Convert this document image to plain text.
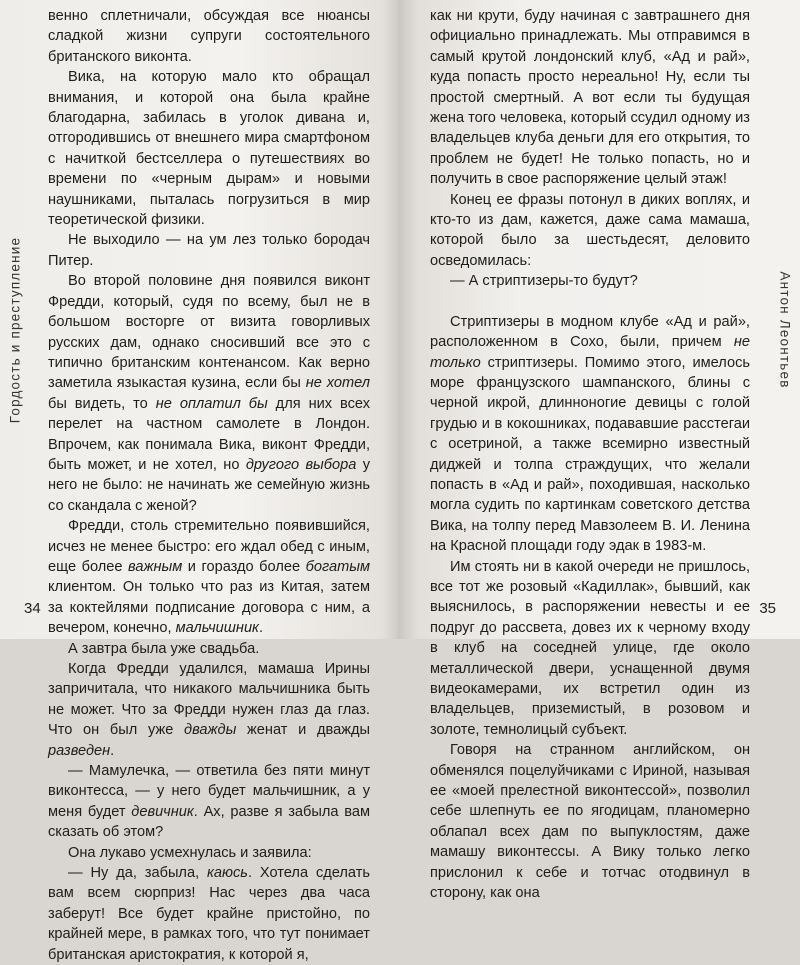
Гордость и преступление

венно сплетничали, обсуждая все нюансы сладкой жизни супруги состоятельного британского виконта.

Вика, на которую мало кто обращал внимания, и которой она была крайне благодарна, забилась в уголок дивана и, отгородившись от внешнего мира смартфоном с начиткой бестселлера о путешествиях во времени по «черным дырам» и новыми наушниками, пыталась погрузиться в мир теоретической физики.

Не выходило — на ум лез только бородач Питер.

Во второй половине дня появился виконт Фредди, который, судя по всему, был не в большом восторге от визита говорливых русских дам, однако сносивший все это с типично британским контенансом. Как верно заметила языкастая кузина, если бы не хотел бы видеть, то не оплатил бы для них всех перелет на частном самолете в Лондон. Впрочем, как понимала Вика, виконт Фредди, быть может, и не хотел, но другого выбора у него не было: не начинать же семейную жизнь со скандала с женой?

Фредди, столь стремительно появившийся, исчез не менее быстро: его ждал обед с иным, еще более важным и гораздо более богатым клиентом. Он только что раз из Китая, затем за коктейлями подписание договора с ним, а вечером, конечно, мальчишник.

А завтра была уже свадьба.

Когда Фредди удалился, мамаша Ирины запричитала, что никакого мальчишника быть не может. Что за Фредди нужен глаз да глаз. Что он был уже дважды женат и дважды разведен.

— Мамулечка, — ответила без пяти минут виконтесса, — у него будет мальчишник, а у меня будет девичник. Ах, разве я забыла вам сказать об этом?

Она лукаво усмехнулась и заявила:

— Ну да, забыла, каюсь. Хотела сделать вам всем сюрприз! Нас через два часа заберут! Все будет крайне пристойно, по крайней мере, в рамках того, что тут понимает британская аристократия, к которой я,

34
Антон Леонтьев

как ни крути, буду начиная с завтрашнего дня официально принадлежать. Мы отправимся в самый крутой лондонский клуб, «Ад и рай», куда попасть просто нереально! Ну, если ты простой смертный. А вот если ты будущая жена того человека, который ссудил одному из владельцев клуба деньги для его открытия, то проблем не будет! Не только попасть, но и получить в свое распоряжение целый этаж!

Конец ее фразы потонул в диких воплях, и кто-то из дам, кажется, даже сама мамаша, которой было за шестьдесят, деловито осведомилась:

— А стриптизеры-то будут?

Стриптизеры в модном клубе «Ад и рай», расположенном в Сохо, были, причем не только стриптизеры. Помимо этого, имелось море французского шампанского, блины с черной икрой, длинноногие девицы с голой грудью и в кокошниках, подававшие расстегаи с осетриной, а также всемирно известный диджей и толпа страждущих, что желали попасть в «Ад и рай», походившая, насколько могла судить по картинкам советского детства Вика, на толпу перед Мавзолеем В. И. Ленина на Красной площади году эдак в 1983-м.

Им стоять ни в какой очереди не пришлось, все тот же розовый «Кадиллак», бывший, как выяснилось, в распоряжении невесты и ее подруг до рассвета, довез их к черному входу в клуб на соседней улице, где около металлической двери, уснащенной двумя видеокамерами, их встретил один из владельцев, приземистый, в розовом и золоте, темнолицый субъект.

Говоря на странном английском, он обменялся поцелуйчиками с Ириной, называя ее «моей прелестной виконтессой», позволил себе шлепнуть ее по ягодицам, планомерно облапал всех дам по выпуклостям, даже мамашу виконтессы. А Вику только легко прислонил к себе и тотчас отодвинул в сторону, как она

35
